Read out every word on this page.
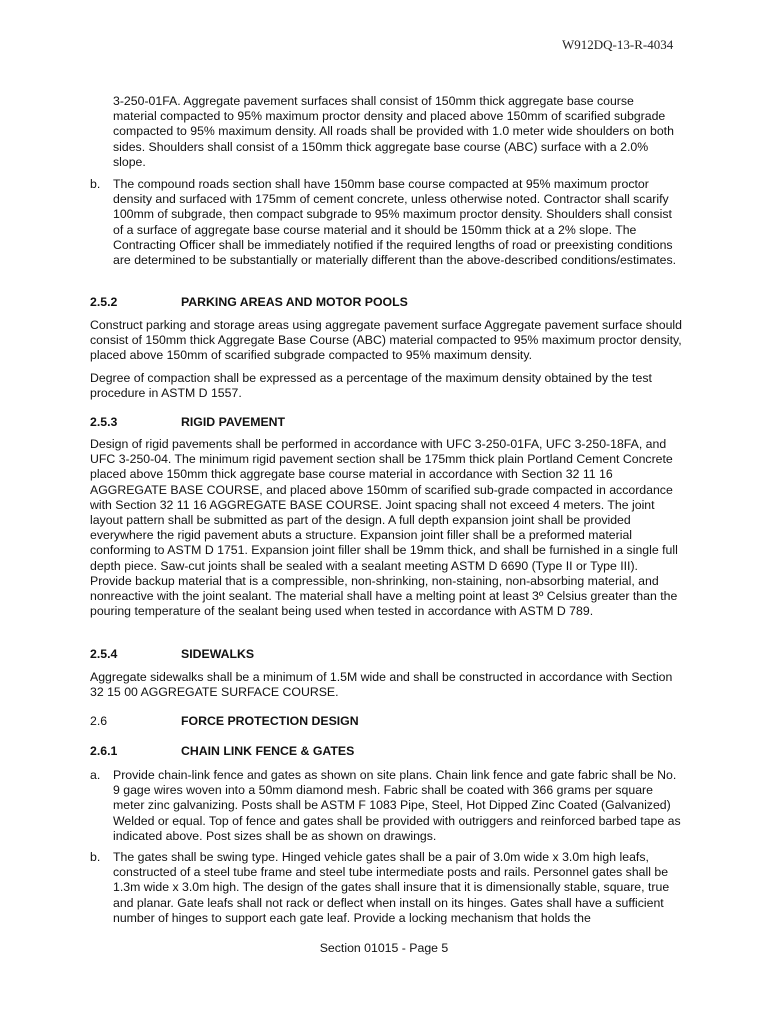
W912DQ-13-R-4034

3-250-01FA. Aggregate pavement surfaces shall consist of 150mm thick aggregate base course material compacted to 95% maximum proctor density and placed above 150mm of scarified subgrade compacted to 95% maximum density. All roads shall be provided with 1.0 meter wide shoulders on both sides. Shoulders shall consist of a 150mm thick aggregate base course (ABC) surface with a 2.0% slope.

b. The compound roads section shall have 150mm base course compacted at 95% maximum proctor density and surfaced with 175mm of cement concrete, unless otherwise noted. Contractor shall scarify 100mm of subgrade, then compact subgrade to 95% maximum proctor density. Shoulders shall consist of a surface of aggregate base course material and it should be 150mm thick at a 2% slope. The Contracting Officer shall be immediately notified if the required lengths of road or preexisting conditions are determined to be substantially or materially different than the above-described conditions/estimates.

2.5.2	PARKING AREAS AND MOTOR POOLS

Construct parking and storage areas using aggregate pavement surface Aggregate pavement surface should consist of 150mm thick Aggregate Base Course (ABC) material compacted to 95% maximum proctor density, placed above 150mm of scarified subgrade compacted to 95% maximum density.

Degree of compaction shall be expressed as a percentage of the maximum density obtained by the test procedure in ASTM D 1557.

2.5.3	RIGID PAVEMENT

Design of rigid pavements shall be performed in accordance with UFC 3-250-01FA, UFC 3-250-18FA, and UFC 3-250-04. The minimum rigid pavement section shall be 175mm thick plain Portland Cement Concrete placed above 150mm thick aggregate base course material in accordance with Section 32 11 16 AGGREGATE BASE COURSE, and placed above 150mm of scarified sub-grade compacted in accordance with Section 32 11 16 AGGREGATE BASE COURSE. Joint spacing shall not exceed 4 meters. The joint layout pattern shall be submitted as part of the design. A full depth expansion joint shall be provided everywhere the rigid pavement abuts a structure. Expansion joint filler shall be a preformed material conforming to ASTM D 1751. Expansion joint filler shall be 19mm thick, and shall be furnished in a single full depth piece. Saw-cut joints shall be sealed with a sealant meeting ASTM D 6690 (Type II or Type III). Provide backup material that is a compressible, non-shrinking, non-staining, non-absorbing material, and nonreactive with the joint sealant. The material shall have a melting point at least 3º Celsius greater than the pouring temperature of the sealant being used when tested in accordance with ASTM D 789.

2.5.4	SIDEWALKS

Aggregate sidewalks shall be a minimum of 1.5M wide and shall be constructed in accordance with Section 32 15 00 AGGREGATE SURFACE COURSE.

2.6	FORCE PROTECTION DESIGN
2.6.1	CHAIN LINK FENCE & GATES
a. Provide chain-link fence and gates as shown on site plans. Chain link fence and gate fabric shall be No. 9 gage wires woven into a 50mm diamond mesh. Fabric shall be coated with 366 grams per square meter zinc galvanizing. Posts shall be ASTM F 1083 Pipe, Steel, Hot Dipped Zinc Coated (Galvanized) Welded or equal. Top of fence and gates shall be provided with outriggers and reinforced barbed tape as indicated above. Post sizes shall be as shown on drawings.

b. The gates shall be swing type. Hinged vehicle gates shall be a pair of 3.0m wide x 3.0m high leafs, constructed of a steel tube frame and steel tube intermediate posts and rails. Personnel gates shall be 1.3m wide x 3.0m high. The design of the gates shall insure that it is dimensionally stable, square, true and planar. Gate leafs shall not rack or deflect when install on its hinges. Gates shall have a sufficient number of hinges to support each gate leaf. Provide a locking mechanism that holds the

Section 01015 - Page 5
